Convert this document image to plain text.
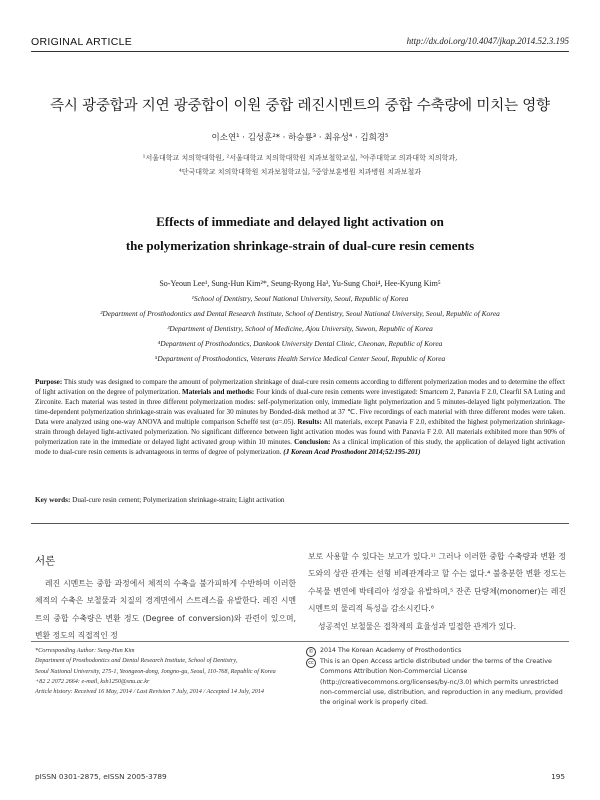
ORIGINAL ARTICLE	http://dx.doi.org/10.4047/jkap.2014.52.3.195
즉시 광중합과 지연 광중합이 이원 중합 레진시멘트의 중합 수축량에 미치는 영향
이소연¹ · 김성훈²* · 하승룡³ · 최유성⁴ · 김희경⁵
¹서울대학교 치의학대학원, ²서울대학교 치의학대학원 치과보철학교실, ³아주대학교 의과대학 치의학과,
⁴단국대학교 치의학대학원 치과보철학교실, ⁵중앙보훈병원 치과병원 치과보철과
Effects of immediate and delayed light activation on
the polymerization shrinkage-strain of dual-cure resin cements
So-Yeoun Lee¹, Sung-Hun Kim²*, Seung-Ryong Ha³, Yu-Sung Choi⁴, Hee-Kyung Kim⁵
¹School of Dentistry, Seoul National University, Seoul, Republic of Korea
²Department of Prosthodontics and Dental Research Institute, School of Dentistry, Seoul National University, Seoul, Republic of Korea
³Department of Dentistry, School of Medicine, Ajou University, Suwon, Republic of Korea
⁴Department of Prosthodontics, Dankook University Dental Clinic, Cheonan, Republic of Korea
⁵Department of Prosthodontics, Veterans Health Service Medical Center Seoul, Republic of Korea
Purpose: This study was designed to compare the amount of polymerization shrinkage of dual-cure resin cements according to different polymerization modes and to determine the effect of light activation on the degree of polymerization. Materials and methods: Four kinds of dual-cure resin cements were investigated: Smartcem 2, Panavia F 2.0, Clearfil SA Luting and Zirconite. Each material was tested in three different polymerization modes: self-polymerization only, immediate light polymerization and 5 minutes-delayed light polymerization. The time-dependent polymerization shrinkage-strain was evaluated for 30 minutes by Bonded-disk method at 37 ℃. Five recordings of each material with three different modes were taken. Data were analyzed using one-way ANOVA and multiple comparison Scheffé test (α=.05). Results: All materials, except Panavia F 2.0, exhibited the highest polymerization shrinkage-strain through delayed light-activated polymerization. No significant difference between light activation modes was found with Panavia F 2.0. All materials exhibited more than 90% of polymerization rate in the immediate or delayed light activated group within 10 minutes. Conclusion: As a clinical implication of this study, the application of delayed light activation mode to dual-cure resin cements is advantageous in terms of degree of polymerization. (J Korean Acad Prosthodont 2014;52:195-201)
Key words: Dual-cure resin cement; Polymerization shrinkage-strain; Light activation
서론

레진 시멘트는 중합 과정에서 체적의 수축을 불가피하게 수반하며 이러한 체적의 수축은 보철물과 치질의 경계면에서 스트레스를 유발한다. 레진 시멘트의 중합 수축량은 변환 정도 (Degree of conversion)와 관련이 있으며, 변환 정도의 직접적인 정

보로 사용할 수 있다는 보고가 있다.¹⁾ 그러나 이러한 중합 수축량과 변환 정도와의 상관 관계는 선형 비례관계라고 할 수는 없다.⁴ 불충분한 변환 정도는 수복물 변연에 박테리아 성장을 유발하며,⁵ 잔존 단량체(monomer)는 레진 시멘트의 물리적 특성을 감소시킨다.⁶

성공적인 보철물은 접착제의 효율성과 밀접한 관계가 있다.

*Corresponding Author: Sung-Hun Kim
Department of Prosthodontics and Dental Research Institute, School of Dentistry,
Seoul National University, 275-1, Yeongeon-dong, Jongno-gu, Seoul, 110-768, Republic of Korea
+82 2 2072 2664: e-mail, ksh1250@snu.ac.kr
Article history: Received 16 May, 2014 / Last Revision 7 July, 2014 / Accepted 14 July, 2014
©	2014 The Korean Academy of Prosthodontics
cc This is an Open Access article distributed under the terms of the Creative Commons Attribution Non-Commercial License (http://creativecommons.org/licenses/by-nc/3.0) which permits unrestricted non-commercial use, distribution, and reproduction in any medium, provided the original work is properly cited.
pISSN 0301-2875, eISSN 2005-3789	195
